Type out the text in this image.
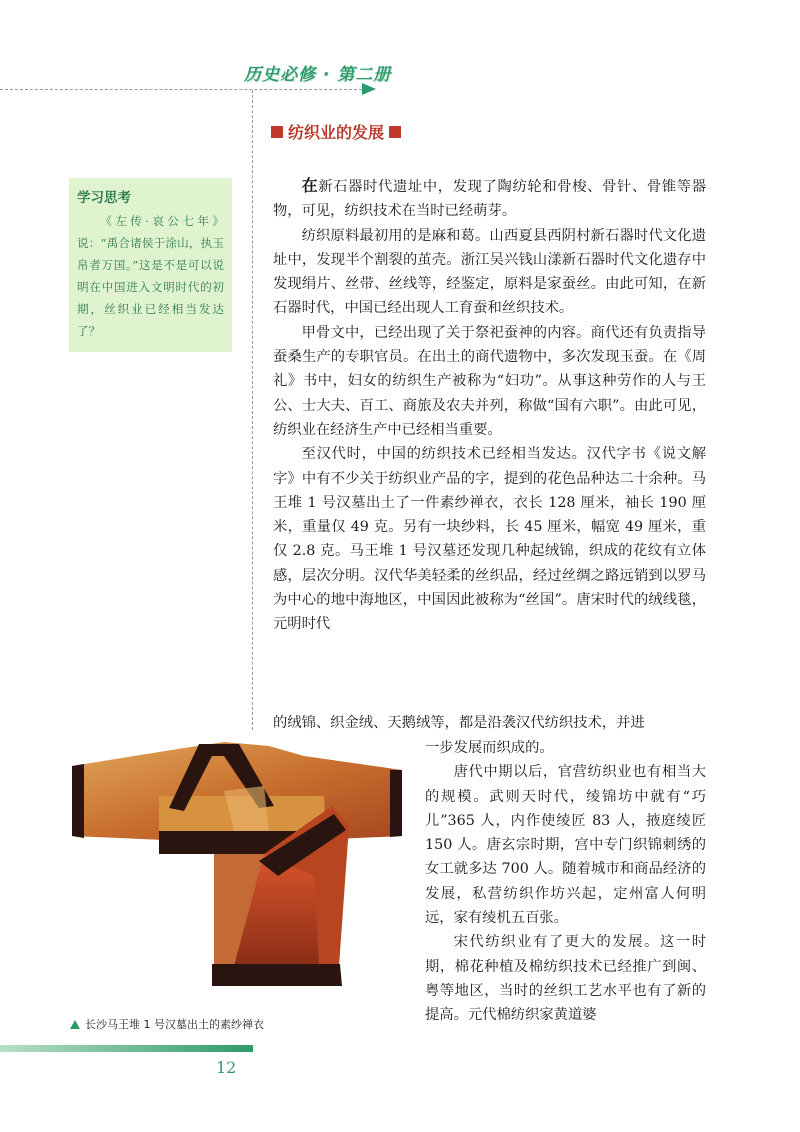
历史必修 · 第二册
纺织业的发展
学习思考

《左传·哀公七年》说：“禹合诸侯于涂山，执玉帛者万国。”这是不是可以说明在中国进入文明时代的初期，丝织业已经相当发达了？

在新石器时代遗址中，发现了陶纺轮和骨梭、骨针、骨锥等器物，可见，纺织技术在当时已经萌芽。

纺织原料最初用的是麻和葛。山西夏县西阴村新石器时代文化遗址中，发现半个割裂的茧壳。浙江吴兴钱山漾新石器时代文化遗存中发现绢片、丝带、丝线等，经鉴定，原料是家蚕丝。由此可知，在新石器时代，中国已经出现人工育蚕和丝织技术。

甲骨文中，已经出现了关于祭祀蚕神的内容。商代还有负责指导蚕桑生产的专职官员。在出土的商代遗物中，多次发现玉蚕。在《周礼》书中，妇女的纺织生产被称为“妇功”。从事这种劳作的人与王公、士大夫、百工、商旅及农夫并列，称做“国有六职”。由此可见，纺织业在经济生产中已经相当重要。

至汉代时，中国的纺织技术已经相当发达。汉代字书《说文解字》中有不少关于纺织业产品的字，提到的花色品种达二十余种。马王堆 1 号汉墓出土了一件素纱禅衣，衣长 128 厘米，袖长 190 厘米，重量仅 49 克。另有一块纱料，长 45 厘米，幅宽 49 厘米，重仅 2.8 克。马王堆 1 号汉墓还发现几种起绒锦，织成的花纹有立体感，层次分明。汉代华美轻柔的丝织品，经过丝绸之路远销到以罗马为中心的地中海地区，中国因此被称为“丝国”。唐宋时代的绒线毯，元明时代

的绒锦、织金绒、天鹅绒等，都是沿袭汉代纺织技术，并进

一步发展而织成的。

唐代中期以后，官营纺织业也有相当大的规模。武则天时代，绫锦坊中就有“巧儿”365 人，内作使绫匠 83 人，掖庭绫匠 150 人。唐玄宗时期，宫中专门织锦刺绣的女工就多达 700 人。随着城市和商品经济的发展，私营纺织作坊兴起，定州富人何明远，家有绫机五百张。

宋代纺织业有了更大的发展。这一时期，棉花种植及棉纺织技术已经推广到闽、粤等地区，当时的丝织工艺水平也有了新的提高。元代棉纺织家黄道婆

长沙马王堆 1 号汉墓出土的素纱禅衣
12
